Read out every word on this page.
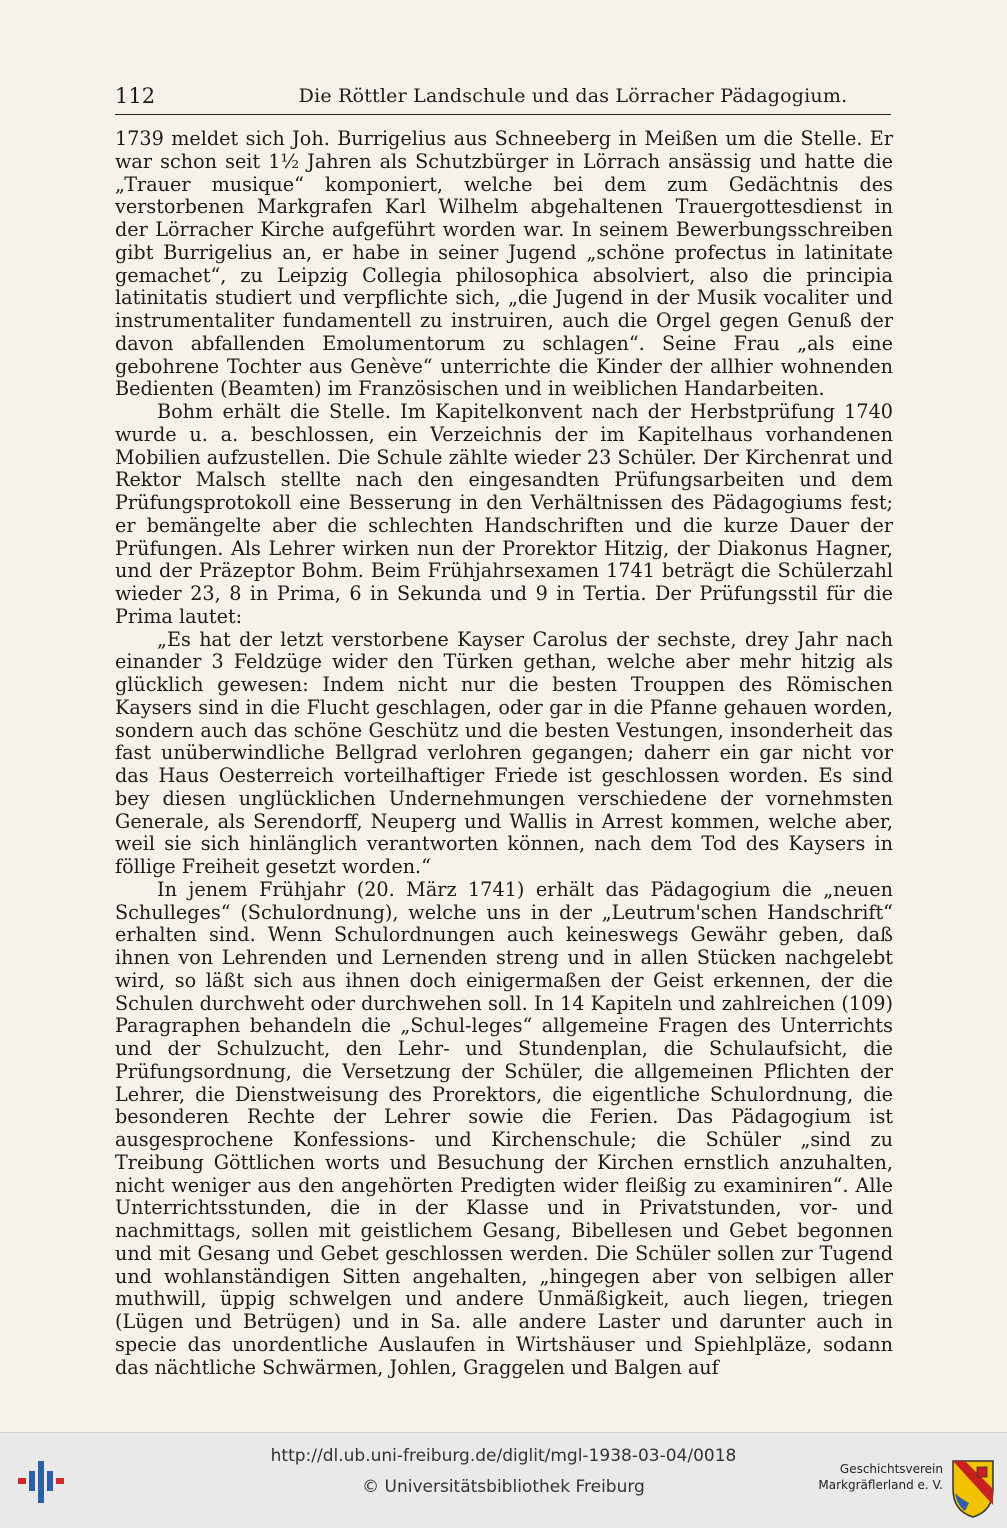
112	Die Röttler Landschule und das Lörracher Pädagogium.

1739 meldet sich Joh. Burrigelius aus Schneeberg in Meißen um die Stelle. Er war schon seit 1½ Jahren als Schutzbürger in Lörrach ansässig und hatte die „Trauer musique“ komponiert, welche bei dem zum Gedächtnis des verstorbenen Markgrafen Karl Wilhelm abgehaltenen Trauergottesdienst in der Lörracher Kirche aufgeführt worden war. In seinem Bewerbungsschreiben gibt Burrigelius an, er habe in seiner Jugend „schöne profectus in latinitate gemachet“, zu Leipzig Collegia philosophica absolviert, also die principia latinitatis studiert und verpflichte sich, „die Jugend in der Musik vocaliter und instrumentaliter fundamentell zu instruiren, auch die Orgel gegen Genuß der davon abfallenden Emolumentorum zu schlagen“. Seine Frau „als eine gebohrene Tochter aus Genève“ unterrichte die Kinder der allhier wohnenden Bedienten (Beamten) im Französischen und in weiblichen Handarbeiten.

Bohm erhält die Stelle. Im Kapitelkonvent nach der Herbstprüfung 1740 wurde u. a. beschlossen, ein Verzeichnis der im Kapitelhaus vorhandenen Mobilien aufzustellen. Die Schule zählte wieder 23 Schüler. Der Kirchenrat und Rektor Malsch stellte nach den eingesandten Prüfungsarbeiten und dem Prüfungsprotokoll eine Besserung in den Verhältnissen des Pädagogiums fest; er bemängelte aber die schlechten Handschriften und die kurze Dauer der Prüfungen. Als Lehrer wirken nun der Prorektor Hitzig, der Diakonus Hagner, und der Präzeptor Bohm. Beim Frühjahrsexamen 1741 beträgt die Schülerzahl wieder 23, 8 in Prima, 6 in Sekunda und 9 in Tertia. Der Prüfungsstil für die Prima lautet:

„Es hat der letzt verstorbene Kayser Carolus der sechste, drey Jahr nach einander 3 Feldzüge wider den Türken gethan, welche aber mehr hitzig als glücklich gewesen: Indem nicht nur die besten Trouppen des Römischen Kaysers sind in die Flucht geschlagen, oder gar in die Pfanne gehauen worden, sondern auch das schöne Geschütz und die besten Vestungen, insonderheit das fast unüberwindliche Bellgrad verlohren gegangen; daherr ein gar nicht vor das Haus Oesterreich vorteilhaftiger Friede ist geschlossen worden. Es sind bey diesen unglücklichen Undernehmungen verschiedene der vornehmsten Generale, als Serendorff, Neuperg und Wallis in Arrest kommen, welche aber, weil sie sich hinlänglich verantworten können, nach dem Tod des Kaysers in föllige Freiheit gesetzt worden.“

In jenem Frühjahr (20. März 1741) erhält das Pädagogium die „neuen Schulleges“ (Schulordnung), welche uns in der „Leutrum'schen Handschrift“ erhalten sind. Wenn Schulordnungen auch keineswegs Gewähr geben, daß ihnen von Lehrenden und Lernenden streng und in allen Stücken nachgelebt wird, so läßt sich aus ihnen doch einigermaßen der Geist erkennen, der die Schulen durchweht oder durchwehen soll. In 14 Kapiteln und zahlreichen (109) Paragraphen behandeln die „Schul-leges“ allgemeine Fragen des Unterrichts und der Schulzucht, den Lehr- und Stundenplan, die Schulaufsicht, die Prüfungsordnung, die Versetzung der Schüler, die allgemeinen Pflichten der Lehrer, die Dienstweisung des Prorektors, die eigentliche Schulordnung, die besonderen Rechte der Lehrer sowie die Ferien. Das Pädagogium ist ausgesprochene Konfessions- und Kirchenschule; die Schüler „sind zu Treibung Göttlichen worts und Besuchung der Kirchen ernstlich anzuhalten, nicht weniger aus den angehörten Predigten wider fleißig zu examiniren“. Alle Unterrichtsstunden, die in der Klasse und in Privatstunden, vor- und nachmittags, sollen mit geistlichem Gesang, Bibellesen und Gebet begonnen und mit Gesang und Gebet geschlossen werden. Die Schüler sollen zur Tugend und wohlanständigen Sitten angehalten, „hingegen aber von selbigen aller muthwill, üppig schwelgen und andere Unmäßigkeit, auch liegen, triegen (Lügen und Betrügen) und in Sa. alle andere Laster und darunter auch in specie das unordentliche Auslaufen in Wirtshäuser und Spiehlpläze, sodann das nächtliche Schwärmen, Johlen, Graggelen und Balgen auf

http://dl.ub.uni-freiburg.de/diglit/mgl-1938-03-04/0018
© Universitätsbibliothek Freiburg
Geschichtsverein
Markgräflerland e. V.
